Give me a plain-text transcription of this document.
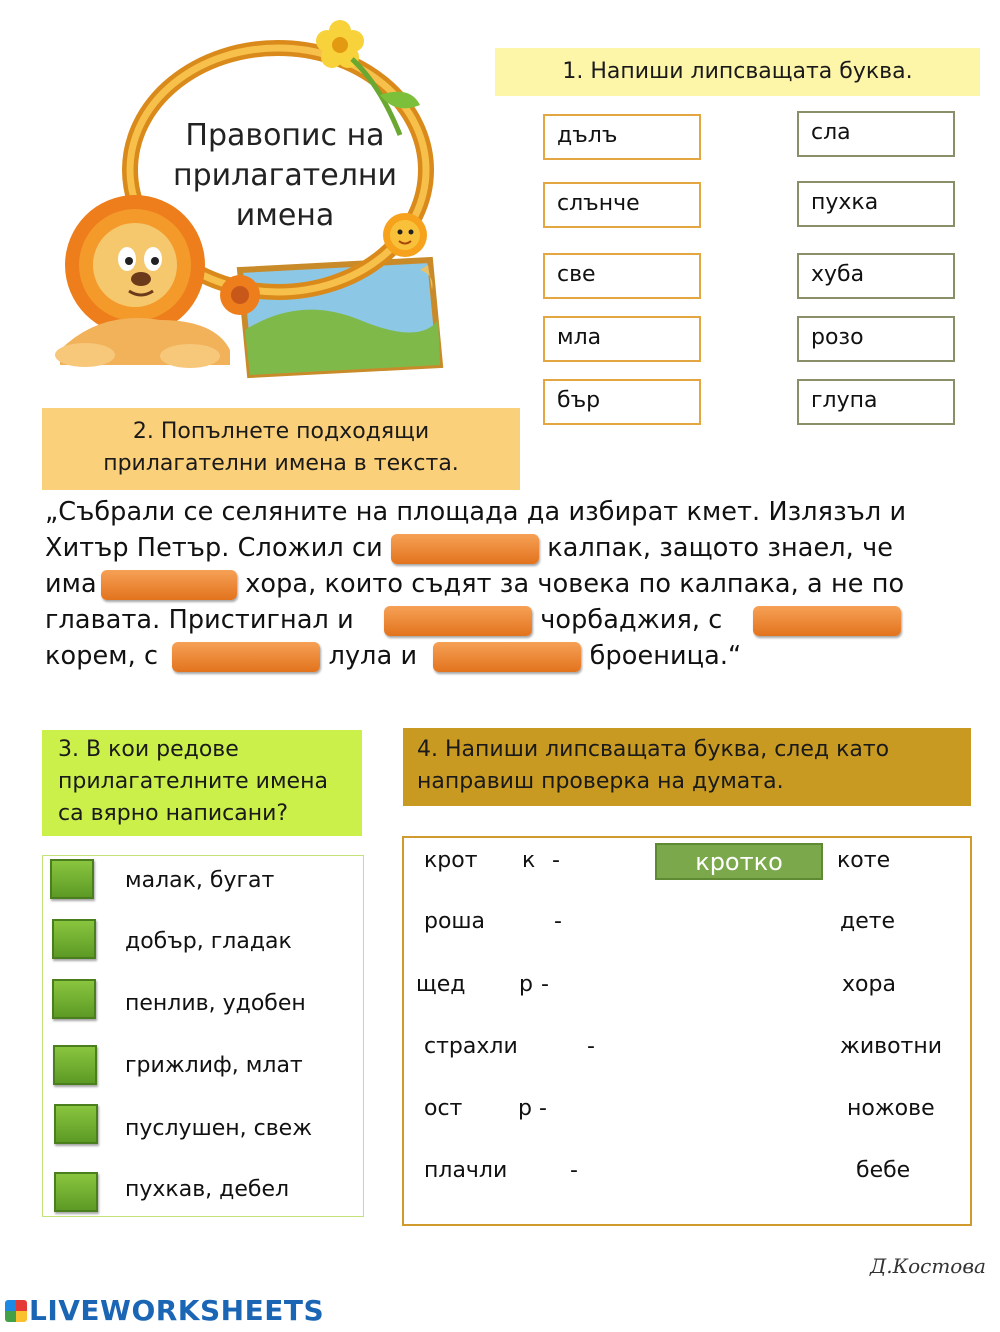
Правопис на
прилагателни
имена
1. Напиши липсващата буква.
дълъ
слънче
све
мла
бър
сла
пухка
хуба
розо
глупа
2. Попълнете подходящи
прилагателни имена в текста.
„Събрали се селяните на площада да избират кмет. Излязъл и
Хитър Петър. Сложил си	калпак, защото знаел, че
има	хора, които съдят за човека по калпака, а не по
главата. Пристигнал и	чорбаджия, с
корем, с	лула и	броеница.“
3. В кои редове
прилагателните имена
са вярно написани?
малак, бугат
добър, гладак
пенлив, удобен
грижлиф, млат
пуслушен, свеж
пухкав, дебел
4. Напиши липсващата буква, след като
направиш проверка на думата.
крот к -	кротко	коте
роша	-	дете
щед р -	хора
страхли	-	животни
ост	р -	ножове
плачли	-	бебе
Д.Костова
LIVEWORKSHEETS
